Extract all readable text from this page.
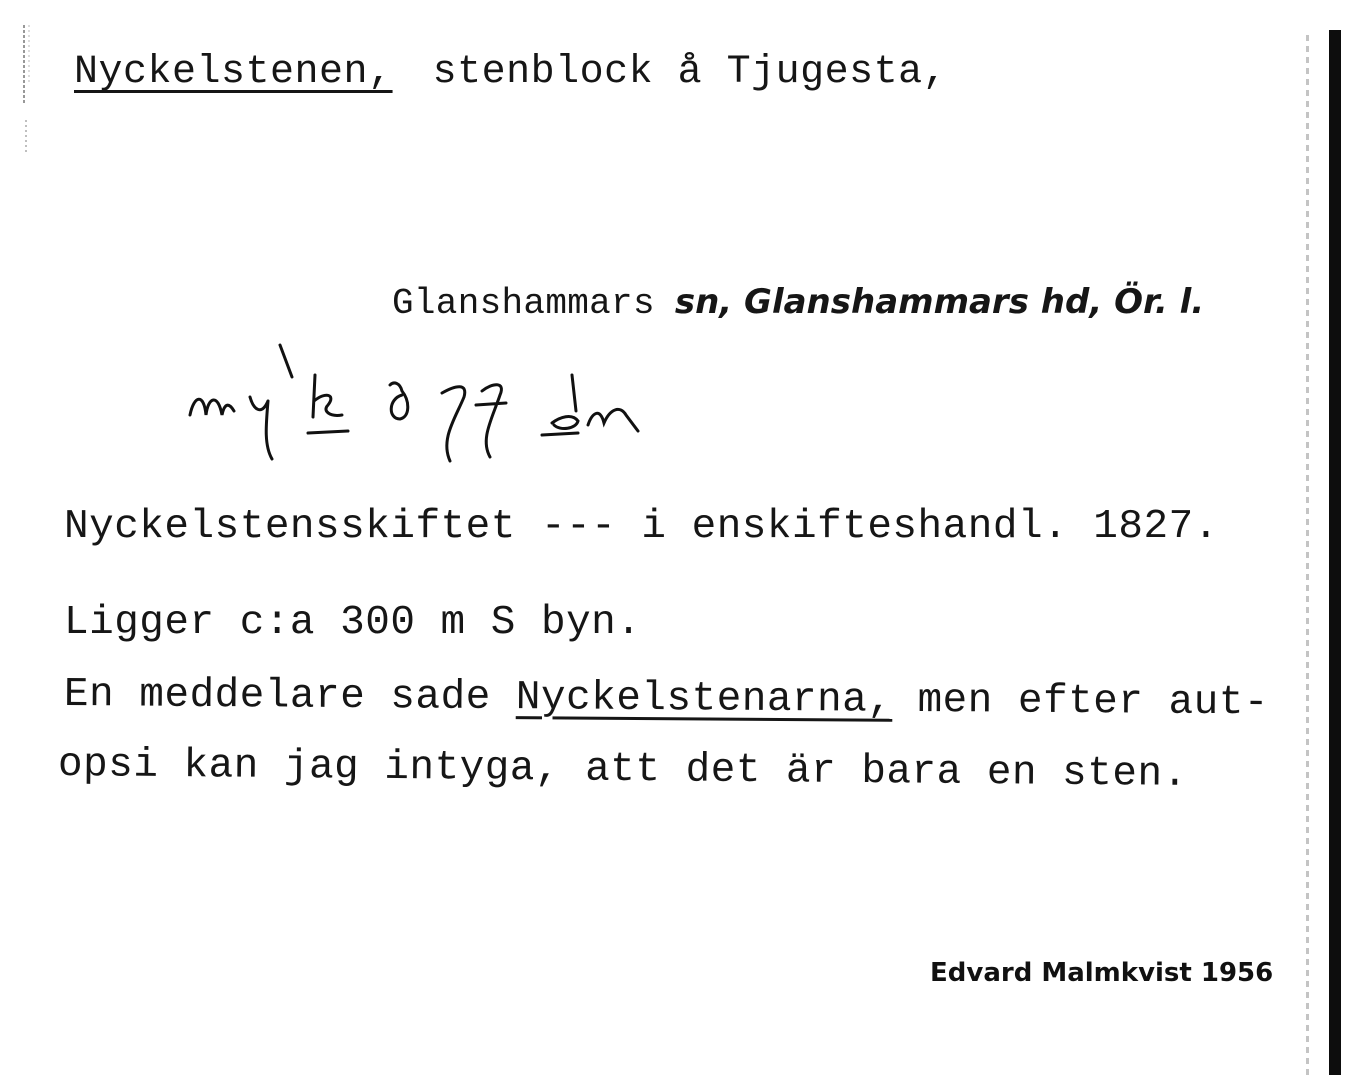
Nyckelstenen, stenblock å Tjugesta,
Glanshammars sn, Glanshammars hd, Ör. l.
Nyckelstensskiftet --- i enskifteshandl. 1827.
Ligger c:a 300 m S byn.
En meddelare sade Nyckelstenarna, men efter aut-
opsi kan jag intyga, att det är bara en sten.
Edvard Malmkvist 1956
